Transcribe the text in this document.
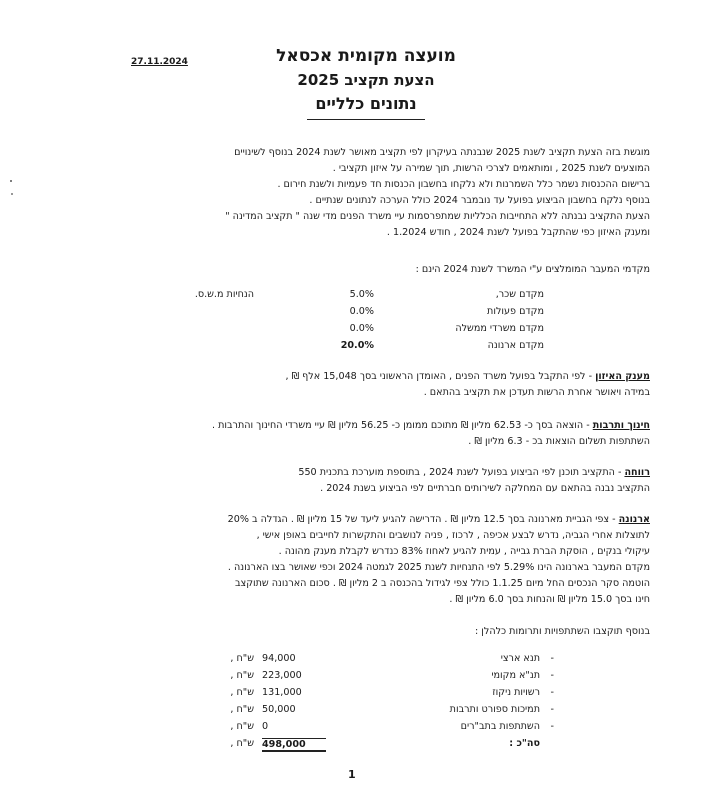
27.11.2024	מועצה מקומית אכסאל
הצעת תקציב 2025
נתונים כלליים

מוגשת בזה הצעת תקציב לשנת 2025 שנבנתה בעיקרון לפי תקציב מאושר לשנת 2024 בנוסף לשינויים

המוצעים לשנת 2025 , ומותאמים לצרכי הרשות, תוך שמירה על איזון תקציבי .

ברישום ההכנסות נשמר כלל השמרנות ולא נלקחו בחשבון הכנסות חד פעמיות ולשנת חירום .

בנוסף נלקח בחשבון הביצוע בפועל עד נובמבר 2024 כולל הערכה לנתונים שנתיים .

הצעת התקציב נבנתה ללא התחייבות הכלליות שמתפרסמות עיי משרד הפנים מדי שנה " תקציב המדינה "

ומענק האיזון כפי שהתקבל בפועל לשנת 2024 , חודש 1.2024 .

מקדמי המעבר המומלצים ע"י המשרד לשנת 2024 הינם :
מקדם שכר,
5.0%
הנחיות מ.ש.ס.
מקדם פעולות
0.0%
מקדם משרדי ממשלה
0.0%
מקדם ארנונה
20.0%

מענק האיזון - לפי התקבל בפועל משרד הפנים , האומדן הראשוני בסך 15,048 אלף ₪ ,

במידה ויאושר אחרת הרשות תעדכן את תקציב בהתאם .

חינוך ותרבות - הוצאה בסך כ- 62.53 מליון ₪ מתוכם ממומן כ- 56.25 מליון ₪ עיי משרדי החינוך והתרבות .

השתתפות תשלום הוצאות בכ - 6.3 מליון ₪ .

רווחה - התקציב תוכנן לפי הביצוע בפועל לשנת 2024 , בתוספת מוערכת בתכנית 550

התקציב נבנה בהתאם עם המחלקה לשירותים חברתיים לפי הביצוע בשנת 2024 .

ארנונה - צפי הגביית מארנונה בסך 12.5 מליון ₪ . הדרישה להגיע ליעד של 15 מליון ₪ . הגדלה ב 20%

לתוצלות אחרי הגביה, נדרש לבצע אכיפה , לרכוז , פניה לנושבים והתקשרות לחייבים באופן אישי ,

עיקולי בנקים , הוסקת הברת גבייה , עמית להגיע לאחוז 83% כנדרש לקבלת מענק מהונה .

מקדם המעבר בארנונה הינו 5.29% לפי התנחיות לשנת 2025 לגמטה 2024 וכפי שאושר בצו הארנונה .

הוטמה סקר הנכסים החל מיום 1.1.25 כולל צפי לגידול בהכנסה ב 2 מליון ₪ . סכום הארנונה שתוקצב

חינו בסך 15.0 מליון ₪ והנחות בסך 6.0 מליון ₪ .

בנוסף תוקצבו השתתפויות ותרומות כלהלן :
-
תנא ארצי
94,000
ש"ח ,
-
תנ"א מקומי
223,000
ש"ח ,
-
רשויות ניקוז
131,000
ש"ח ,
-
תמיכות ספורט ותרבות
50,000
ש"ח ,
-
השתתפות בתב"רים
0
ש"ח ,
סה"כ :
498,000
ש"ח ,
1
